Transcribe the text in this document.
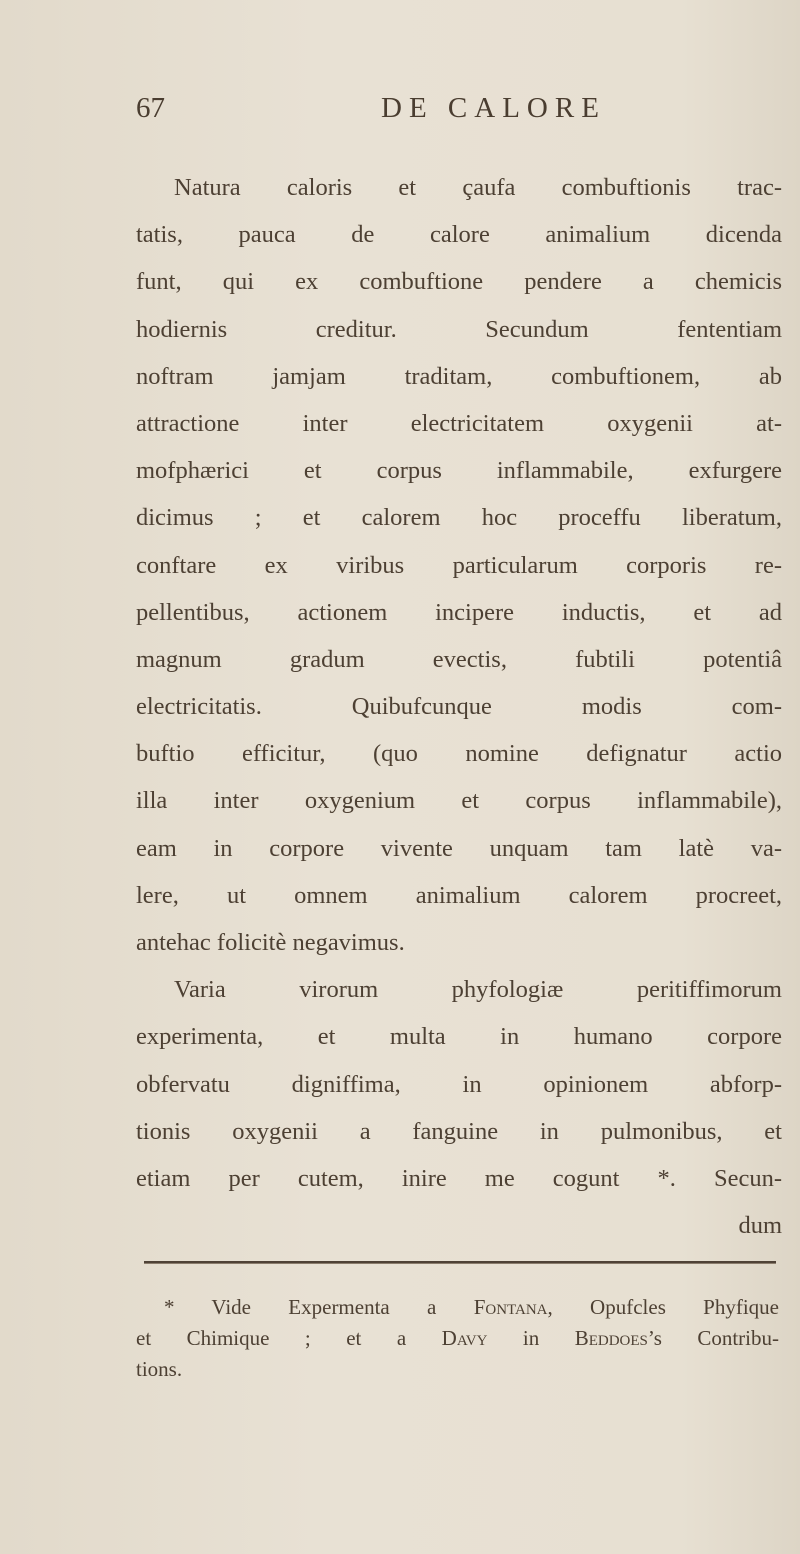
67	DE CALORE
Natura caloris et çaufa combuftionis trac-
tatis, pauca de calore animalium dicenda
funt, qui ex combuftione pendere a chemicis
hodiernis creditur. Secundum fententiam
noftram jamjam traditam, combuftionem, ab
attractione inter electricitatem oxygenii at-
mofphærici et corpus inflammabile, exfurgere
dicimus ; et calorem hoc proceffu liberatum,
conftare ex viribus particularum corporis re-
pellentibus, actionem incipere inductis, et ad
magnum gradum evectis, fubtili potentiâ
electricitatis. Quibufcunque modis com-
buftio efficitur, (quo nomine defignatur actio
illa inter oxygenium et corpus inflammabile),
eam in corpore vivente unquam tam latè va-
lere, ut omnem animalium calorem procreet,
antehac folicitè negavimus.
Varia virorum phyfologiæ peritiffimorum
experimenta, et multa in humano corpore
obfervatu digniffima, in opinionem abforp-
tionis oxygenii a fanguine in pulmonibus, et
etiam per cutem, inire me cogunt *. Secun-
dum
* Vide Expermenta a Fontana, Opufcles Phyfique
et Chimique ; et a Davy in Beddoes’s Contribu-
tions.
